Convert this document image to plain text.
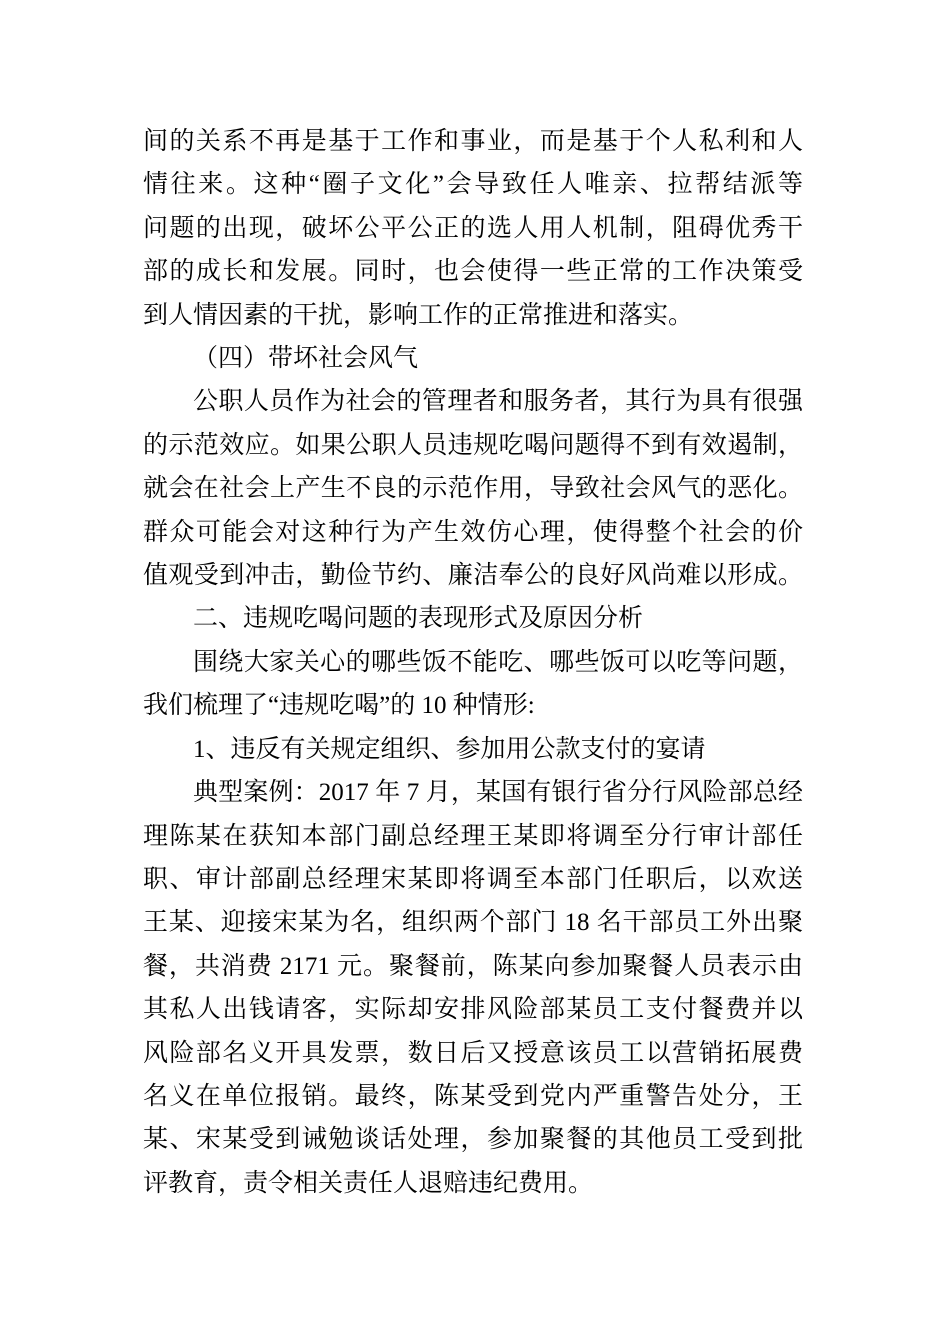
间的关系不再是基于工作和事业，而是基于个人私利和人
情往来。这种“圈子文化”会导致任人唯亲、拉帮结派等
问题的出现，破坏公平公正的选人用人机制，阻碍优秀干
部的成长和发展。同时，也会使得一些正常的工作决策受
到人情因素的干扰，影响工作的正常推进和落实。
（四）带坏社会风气
公职人员作为社会的管理者和服务者，其行为具有很强
的示范效应。如果公职人员违规吃喝问题得不到有效遏制，
就会在社会上产生不良的示范作用，导致社会风气的恶化。
群众可能会对这种行为产生效仿心理，使得整个社会的价
值观受到冲击，勤俭节约、廉洁奉公的良好风尚难以形成。
二、违规吃喝问题的表现形式及原因分析
围绕大家关心的哪些饭不能吃、哪些饭可以吃等问题，
我们梳理了“违规吃喝”的 10 种情形:
1、违反有关规定组织、参加用公款支付的宴请
典型案例：2017 年 7 月，某国有银行省分行风险部总经
理陈某在获知本部门副总经理王某即将调至分行审计部任
职、审计部副总经理宋某即将调至本部门任职后，以欢送
王某、迎接宋某为名，组织两个部门 18 名干部员工外出聚
餐，共消费 2171 元。聚餐前，陈某向参加聚餐人员表示由
其私人出钱请客，实际却安排风险部某员工支付餐费并以
风险部名义开具发票，数日后又授意该员工以营销拓展费
名义在单位报销。最终，陈某受到党内严重警告处分，王
某、宋某受到诫勉谈话处理，参加聚餐的其他员工受到批
评教育，责令相关责任人退赔违纪费用。
